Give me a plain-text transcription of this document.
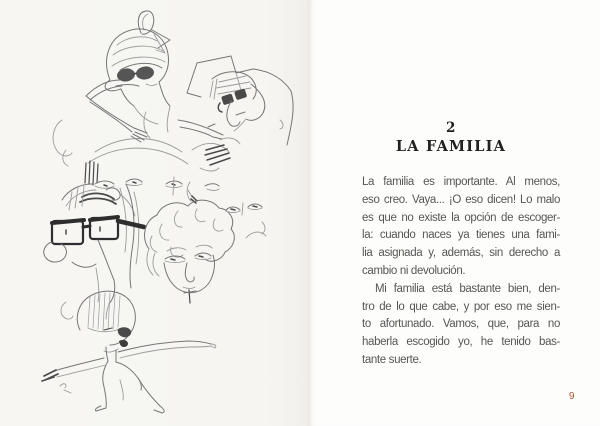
2
LA FAMILIA
La familia es importante. Al menos,
eso creo. Vaya... ¡O eso dicen! Lo malo
es que no existe la opción de escoger-
la: cuando naces ya tienes una fami-
lia asignada y, además, sin derecho a
cambio ni devolución.
Mi familia está bastante bien, den-
tro de lo que cabe, y por eso me sien-
to afortunado. Vamos, que, para no
haberla escogido yo, he tenido bas-
tante suerte.
9
